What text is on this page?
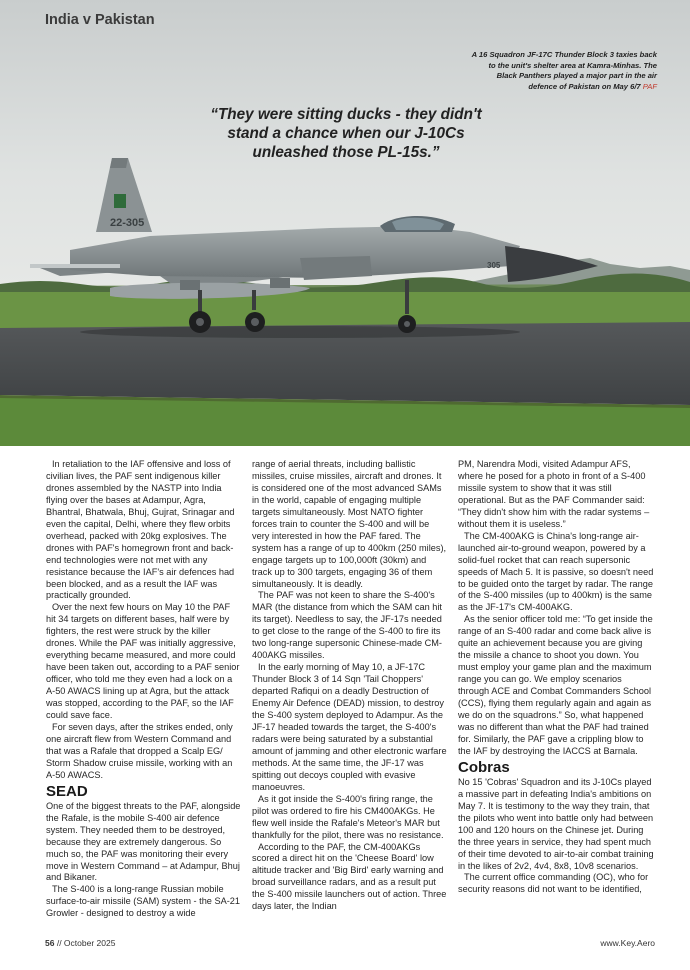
22-305
305
India v Pakistan
A 16 Squadron JF-17C Thunder Block 3 taxies back to the unit's shelter area at Kamra-Minhas. The Black Panthers played a major part in the air defence of Pakistan on May 6/7 PAF
“They were sitting ducks - they didn't stand a chance when our J-10Cs unleashed those PL-15s.”

In retaliation to the IAF offensive and loss of civilian lives, the PAF sent indigenous killer drones assembled by the NASTP into India flying over the bases at Adampur, Agra, Bhantral, Bhatwala, Bhuj, Gujrat, Srinagar and even the capital, Delhi, where they flew orbits overhead, packed with 20kg explosives. The drones with PAF's homegrown front and back-end technologies were not met with any resistance because the IAF's air defences had been blocked, and as a result the IAF was practically grounded.

Over the next few hours on May 10 the PAF hit 34 targets on different bases, half were by fighters, the rest were struck by the killer drones. While the PAF was initially aggressive, everything became measured, and more could have been taken out, according to a PAF senior officer, who told me they even had a lock on a A-50 AWACS lining up at Agra, but the attack was stopped, according to the PAF, so the IAF could save face.

For seven days, after the strikes ended, only one aircraft flew from Western Command and that was a Rafale that dropped a Scalp EG/ Storm Shadow cruise missile, working with an A-50 AWACS.

SEAD

One of the biggest threats to the PAF, alongside the Rafale, is the mobile S-400 air defence system. They needed them to be destroyed, because they are extremely dangerous. So much so, the PAF was monitoring their every move in Western Command – at Adampur, Bhuj and Bikaner.

The S-400 is a long-range Russian mobile surface-to-air missile (SAM) system - the SA-21 Growler - designed to destroy a wide

range of aerial threats, including ballistic missiles, cruise missiles, aircraft and drones. It is considered one of the most advanced SAMs in the world, capable of engaging multiple targets simultaneously. Most NATO fighter forces train to counter the S-400 and will be very interested in how the PAF fared. The system has a range of up to 400km (250 miles), engage targets up to 100,000ft (30km) and track up to 300 targets, engaging 36 of them simultaneously. It is deadly.

The PAF was not keen to share the S-400's MAR (the distance from which the SAM can hit its target). Needless to say, the JF-17s needed to get close to the range of the S-400 to fire its two long-range supersonic Chinese-made CM-400AKG missiles.

In the early morning of May 10, a JF-17C Thunder Block 3 of 14 Sqn 'Tail Choppers' departed Rafiqui on a deadly Destruction of Enemy Air Defence (DEAD) mission, to destroy the S-400 system deployed to Adampur. As the JF-17 headed towards the target, the S-400's radars were being saturated by a substantial amount of jamming and other electronic warfare methods. At the same time, the JF-17 was spitting out decoys coupled with evasive manoeuvres.

As it got inside the S-400's firing range, the pilot was ordered to fire his CM400AKGs. He flew well inside the Rafale's Meteor's MAR but thankfully for the pilot, there was no resistance.

According to the PAF, the CM-400AKGs scored a direct hit on the 'Cheese Board' low altitude tracker and 'Big Bird' early warning and broad surveillance radars, and as a result put the S-400 missile launchers out of action. Three days later, the Indian

PM, Narendra Modi, visited Adampur AFS, where he posed for a photo in front of a S-400 missile system to show that it was still operational. But as the PAF Commander said: “They didn't show him with the radar systems – without them it is useless.”

The CM-400AKG is China's long-range air-launched air-to-ground weapon, powered by a solid-fuel rocket that can reach supersonic speeds of Mach 5. It is passive, so doesn't need to be guided onto the target by radar. The range of the S-400 missiles (up to 400km) is the same as the JF-17's CM-400AKG.

As the senior officer told me: “To get inside the range of an S-400 radar and come back alive is quite an achievement because you are giving the missile a chance to shoot you down. You must employ your game plan and the maximum range you can go. We employ scenarios through ACE and Combat Commanders School (CCS), flying them regularly again and again as we do on the squadrons.” So, what happened was no different than what the PAF had trained for. Similarly, the PAF gave a crippling blow to the IAF by destroying the IACCS at Barnala.

Cobras

No 15 'Cobras' Squadron and its J-10Cs played a massive part in defeating India's ambitions on May 7. It is testimony to the way they train, that the pilots who went into battle only had between 100 and 120 hours on the Chinese jet. During the three years in service, they had spent much of their time devoted to air-to-air combat training in the likes of 2v2, 4v4, 8x8, 10v8 scenarios.

The current office commanding (OC), who for security reasons did not want to be identified,

56 // October 2025	www.Key.Aero
